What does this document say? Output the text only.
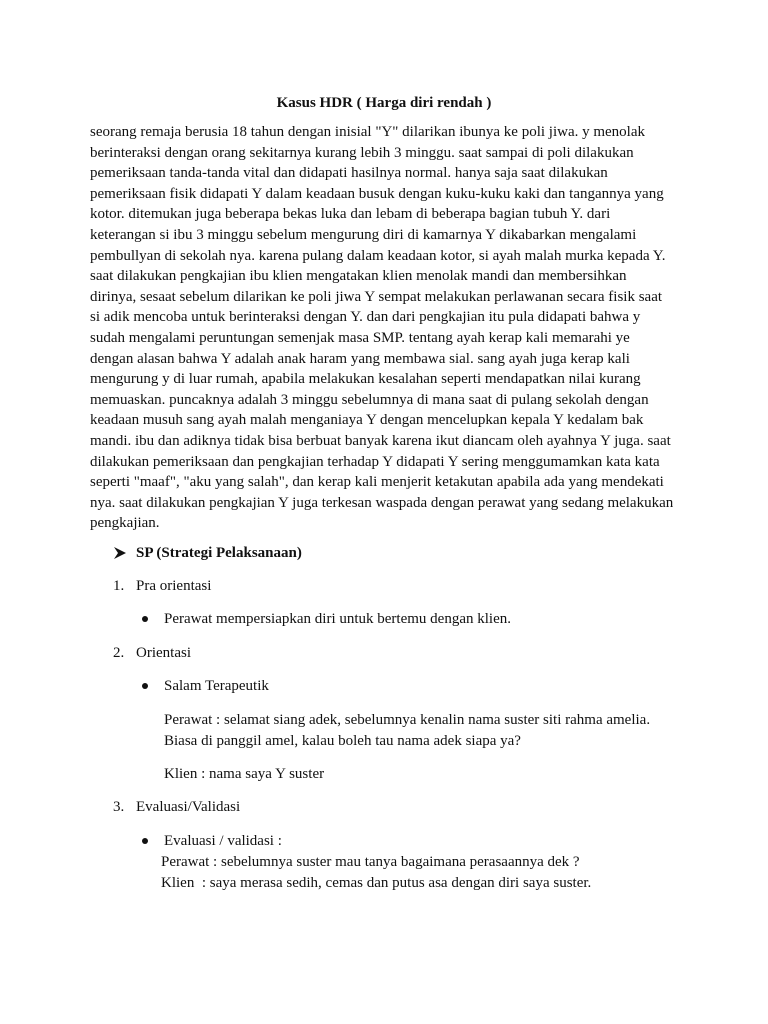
Kasus HDR ( Harga diri rendah )
seorang remaja berusia 18 tahun dengan inisial "Y" dilarikan ibunya ke poli jiwa. y menolak
berinteraksi dengan orang sekitarnya kurang lebih 3 minggu. saat sampai di poli dilakukan
pemeriksaan tanda-tanda vital dan didapati hasilnya normal. hanya saja saat dilakukan
pemeriksaan fisik didapati Y dalam keadaan busuk dengan kuku-kuku kaki dan tangannya yang
kotor. ditemukan juga beberapa bekas luka dan lebam di beberapa bagian tubuh Y. dari
keterangan si ibu 3 minggu sebelum mengurung diri di kamarnya Y dikabarkan mengalami
pembullyan di sekolah nya. karena pulang dalam keadaan kotor, si ayah malah murka kepada Y.
saat dilakukan pengkajian ibu klien mengatakan klien menolak mandi dan membersihkan
dirinya, sesaat sebelum dilarikan ke poli jiwa Y sempat melakukan perlawanan secara fisik saat
si adik mencoba untuk berinteraksi dengan Y. dan dari pengkajian itu pula didapati bahwa y
sudah mengalami peruntungan semenjak masa SMP. tentang ayah kerap kali memarahi ye
dengan alasan bahwa Y adalah anak haram yang membawa sial. sang ayah juga kerap kali
mengurung y di luar rumah, apabila melakukan kesalahan seperti mendapatkan nilai kurang
memuaskan. puncaknya adalah 3 minggu sebelumnya di mana saat di pulang sekolah dengan
keadaan musuh sang ayah malah menganiaya Y dengan mencelupkan kepala Y kedalam bak
mandi. ibu dan adiknya tidak bisa berbuat banyak karena ikut diancam oleh ayahnya Y juga. saat
dilakukan pemeriksaan dan pengkajian terhadap Y didapati Y sering menggumamkan kata kata
seperti "maaf", "aku yang salah", dan kerap kali menjerit ketakutan apabila ada yang mendekati
nya. saat dilakukan pengkajian Y juga terkesan waspada dengan perawat yang sedang melakukan
pengkajian.
SP (Strategi Pelaksanaan)
1. Pra orientasi
Perawat mempersiapkan diri untuk bertemu dengan klien.
2. Orientasi
Salam Terapeutik
Perawat : selamat siang adek, sebelumnya kenalin nama suster siti rahma amelia.
Biasa di panggil amel, kalau boleh tau nama adek siapa ya?
Klien : nama saya Y suster
3. Evaluasi/Validasi
Evaluasi / validasi :
Perawat : sebelumnya suster mau tanya bagaimana perasaannya dek ?
Klien  : saya merasa sedih, cemas dan putus asa dengan diri saya suster.
